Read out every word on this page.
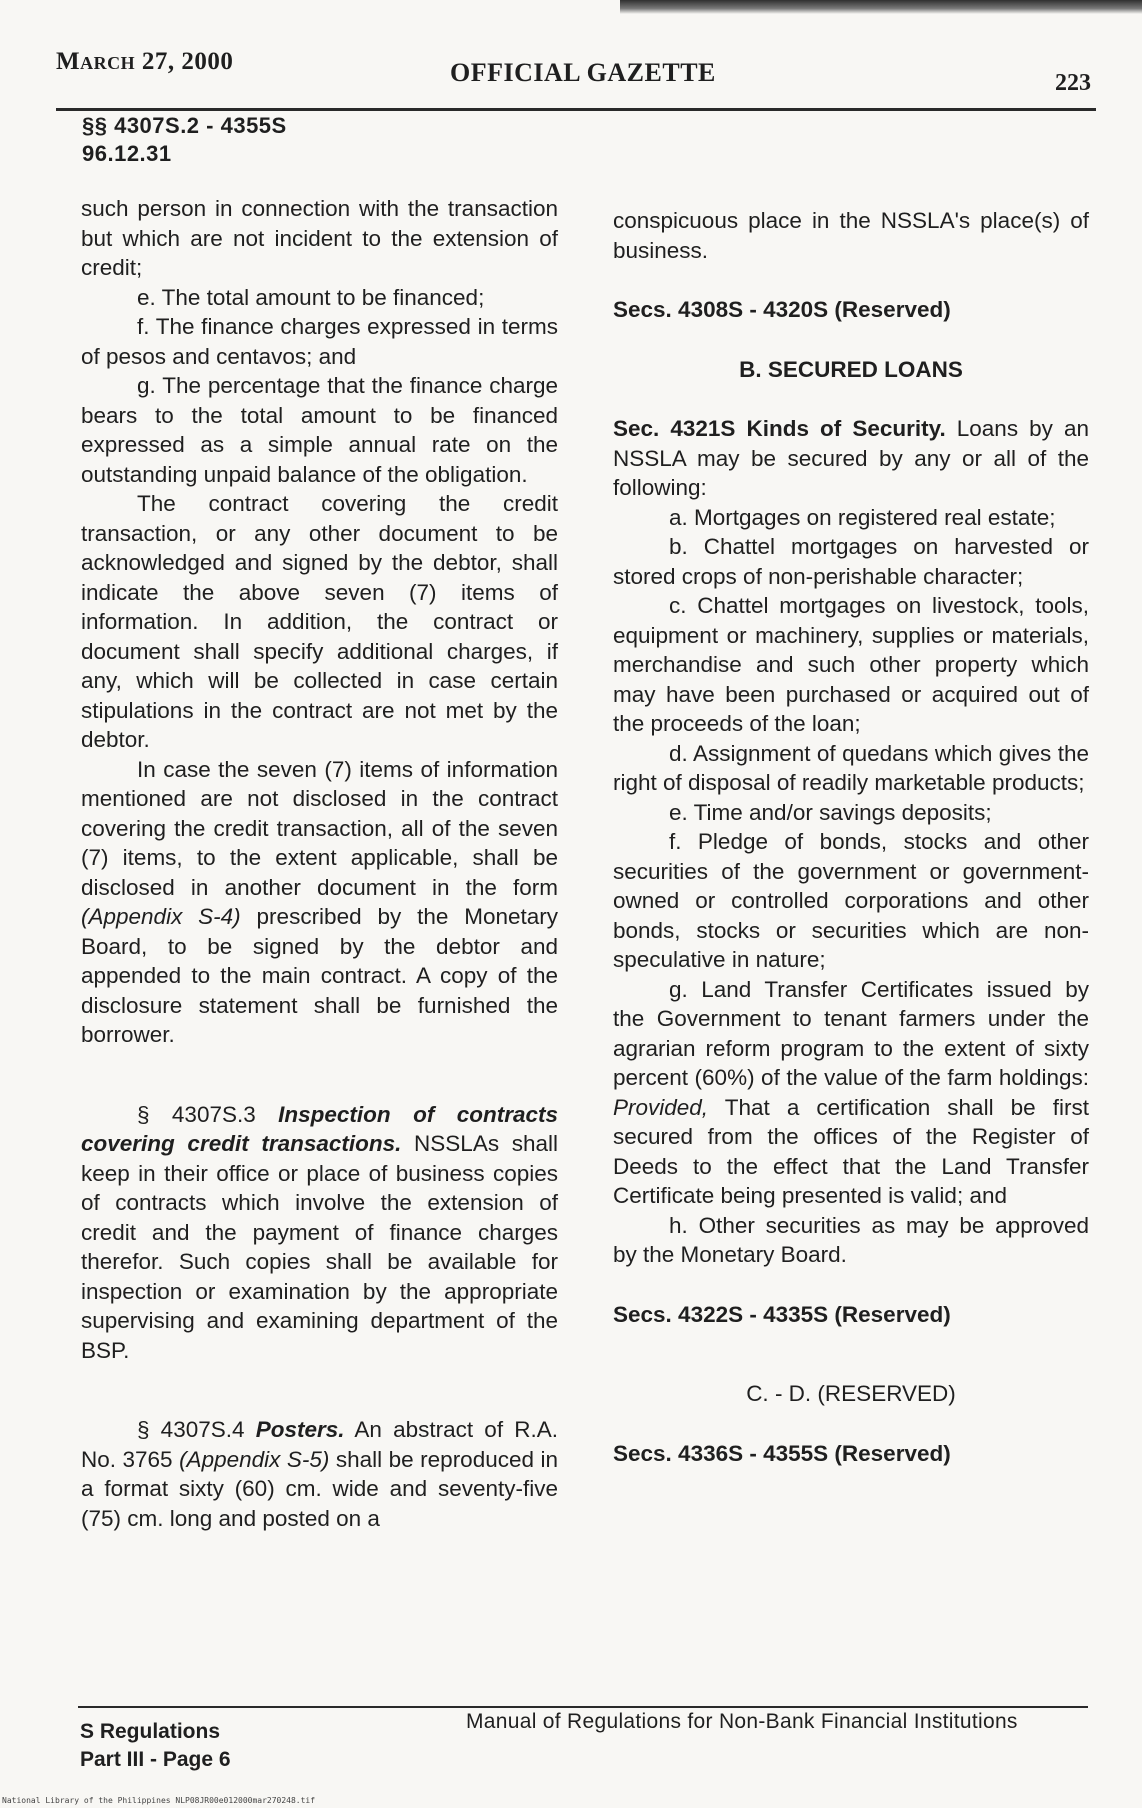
March 27, 2000	OFFICIAL GAZETTE	223
§§ 4307S.2 - 4355S
96.12.31

such person in connection with the transaction but which are not incident to the extension of credit;

e. The total amount to be financed;

f. The finance charges expressed in terms of pesos and centavos; and

g. The percentage that the finance charge bears to the total amount to be financed expressed as a simple annual rate on the outstanding unpaid balance of the obligation.

The contract covering the credit transaction, or any other document to be acknowledged and signed by the debtor, shall indicate the above seven (7) items of information. In addition, the contract or document shall specify additional charges, if any, which will be collected in case certain stipulations in the contract are not met by the debtor.

In case the seven (7) items of information mentioned are not disclosed in the contract covering the credit transaction, all of the seven (7) items, to the extent applicable, shall be disclosed in another document in the form (Appendix S-4) prescribed by the Monetary Board, to be signed by the debtor and appended to the main contract. A copy of the disclosure statement shall be furnished the borrower.

§ 4307S.3 Inspection of contracts covering credit transactions. NSSLAs shall keep in their office or place of business copies of contracts which involve the extension of credit and the payment of finance charges therefor. Such copies shall be available for inspection or examination by the appropriate supervising and examining department of the BSP.

§ 4307S.4 Posters. An abstract of R.A. No. 3765 (Appendix S-5) shall be reproduced in a format sixty (60) cm. wide and seventy-five (75) cm. long and posted on a

conspicuous place in the NSSLA's place(s) of business.

Secs. 4308S - 4320S (Reserved)

B. SECURED LOANS

Sec. 4321S Kinds of Security. Loans by an NSSLA may be secured by any or all of the following:

a. Mortgages on registered real estate;

b. Chattel mortgages on harvested or stored crops of non-perishable character;

c. Chattel mortgages on livestock, tools, equipment or machinery, supplies or materials, merchandise and such other property which may have been purchased or acquired out of the proceeds of the loan;

d. Assignment of quedans which gives the right of disposal of readily marketable products;

e. Time and/or savings deposits;

f. Pledge of bonds, stocks and other securities of the government or government-owned or controlled corporations and other bonds, stocks or securities which are non-speculative in nature;

g. Land Transfer Certificates issued by the Government to tenant farmers under the agrarian reform program to the extent of sixty percent (60%) of the value of the farm holdings: Provided, That a certification shall be first secured from the offices of the Register of Deeds to the effect that the Land Transfer Certificate being presented is valid; and

h. Other securities as may be approved by the Monetary Board.

Secs. 4322S - 4335S (Reserved)

C. - D. (RESERVED)

Secs. 4336S - 4355S (Reserved)

S Regulations
Part III - Page 6
Manual of Regulations for Non-Bank Financial Institutions
National Library of the Philippines NLP08JR00e012000mar270248.tif
